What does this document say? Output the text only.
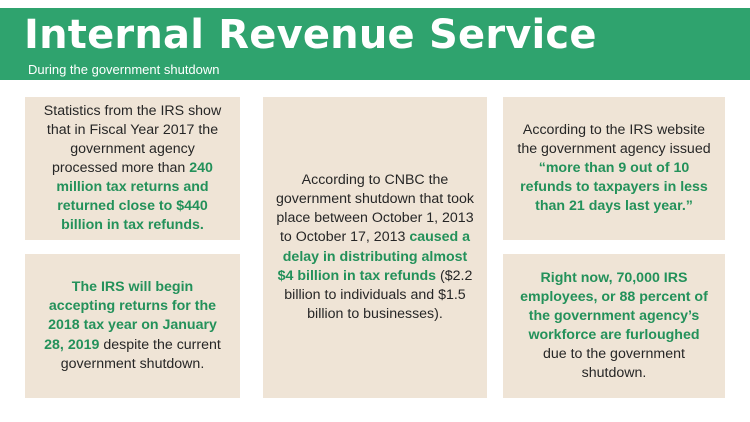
Internal Revenue Service
During the government shutdown

Statistics from the IRS show that in Fiscal Year 2017 the government agency processed more than 240 million tax returns and returned close to $440 billion in tax refunds.

The IRS will begin accepting returns for the 2018 tax year on January 28, 2019 despite the current government shutdown.

According to CNBC the government shutdown that took place between October 1, 2013 to October 17, 2013 caused a delay in distributing almost $4 billion in tax refunds ($2.2 billion to individuals and $1.5 billion to businesses).

According to the IRS website the government agency issued “more than 9 out of 10 refunds to taxpayers in less than 21 days last year.”

Right now, 70,000 IRS employees, or 88 percent of the government agency’s workforce are furloughed due to the government shutdown.
